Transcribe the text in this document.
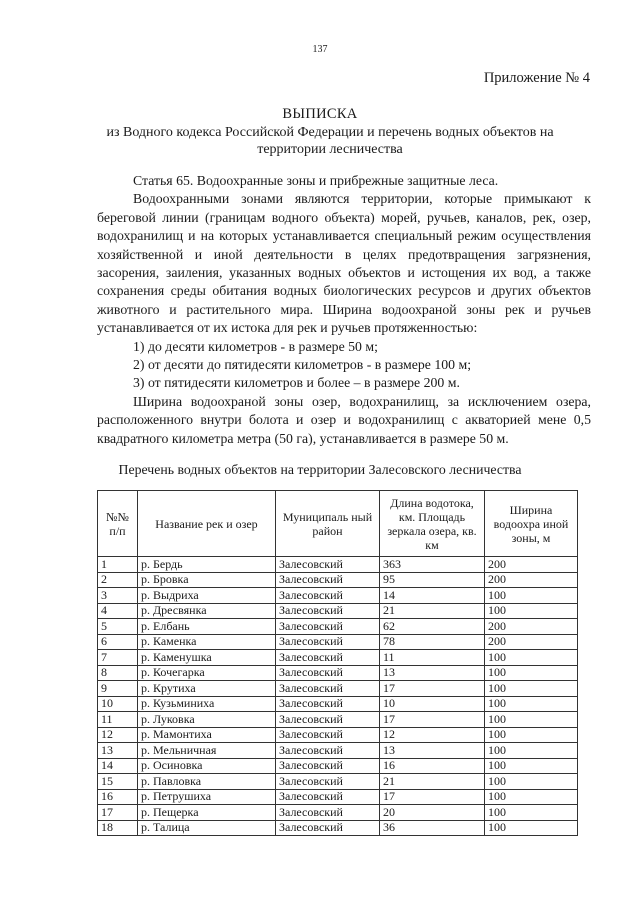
137
Приложение № 4
ВЫПИСКА
из Водного кодекса Российской Федерации и перечень водных объектов на территории лесничества

Статья 65. Водоохранные зоны и прибрежные защитные леса.

Водоохранными зонами являются территории, которые примыкают к береговой линии (границам водного объекта) морей, ручьев, каналов, рек, озер, водохранилищ и на которых устанавливается специальный режим осуществления хозяйственной и иной деятельности в целях предотвращения загрязнения, засорения, заиления, указанных водных объектов и истощения их вод, а также сохранения среды обитания водных биологических ресурсов и других объектов животного и растительного мира. Ширина водоохраной зоны рек и ручьев устанавливается от их истока для рек и ручьев протяженностью:

1) до десяти километров - в размере 50 м;

2) от десяти до пятидесяти километров - в размере 100 м;

3) от пятидесяти километров и более – в размере 200 м.

Ширина водоохраной зоны озер, водохранилищ, за исключением озера, расположенного внутри болота и озер и водохранилищ с акваторией мене 0,5 квадратного километра метра (50 га), устанавливается в размере 50 м.

Перечень водных объектов на территории Залесовского лесничества
№№ п/п	Название рек и озер	Муниципаль ный район	Длина водотока, км. Площадь зеркала озера, кв. км	Ширина водоохра иной зоны, м
1	р. Бердь	Залесовский	363	200
2	р. Бровка	Залесовский	95	200
3	р. Выдриха	Залесовский	14	100
4	р. Дресвянка	Залесовский	21	100
5	р. Елбань	Залесовский	62	200
6	р. Каменка	Залесовский	78	200
7	р. Каменушка	Залесовский	11	100
8	р. Кочегарка	Залесовский	13	100
9	р. Крутиха	Залесовский	17	100
10	р. Кузьминиха	Залесовский	10	100
11	р. Луковка	Залесовский	17	100
12	р. Мамонтиха	Залесовский	12	100
13	р. Мельничная	Залесовский	13	100
14	р. Осиновка	Залесовский	16	100
15	р. Павловка	Залесовский	21	100
16	р. Петрушиха	Залесовский	17	100
17	р. Пещерка	Залесовский	20	100
18	р. Талица	Залесовский	36	100
